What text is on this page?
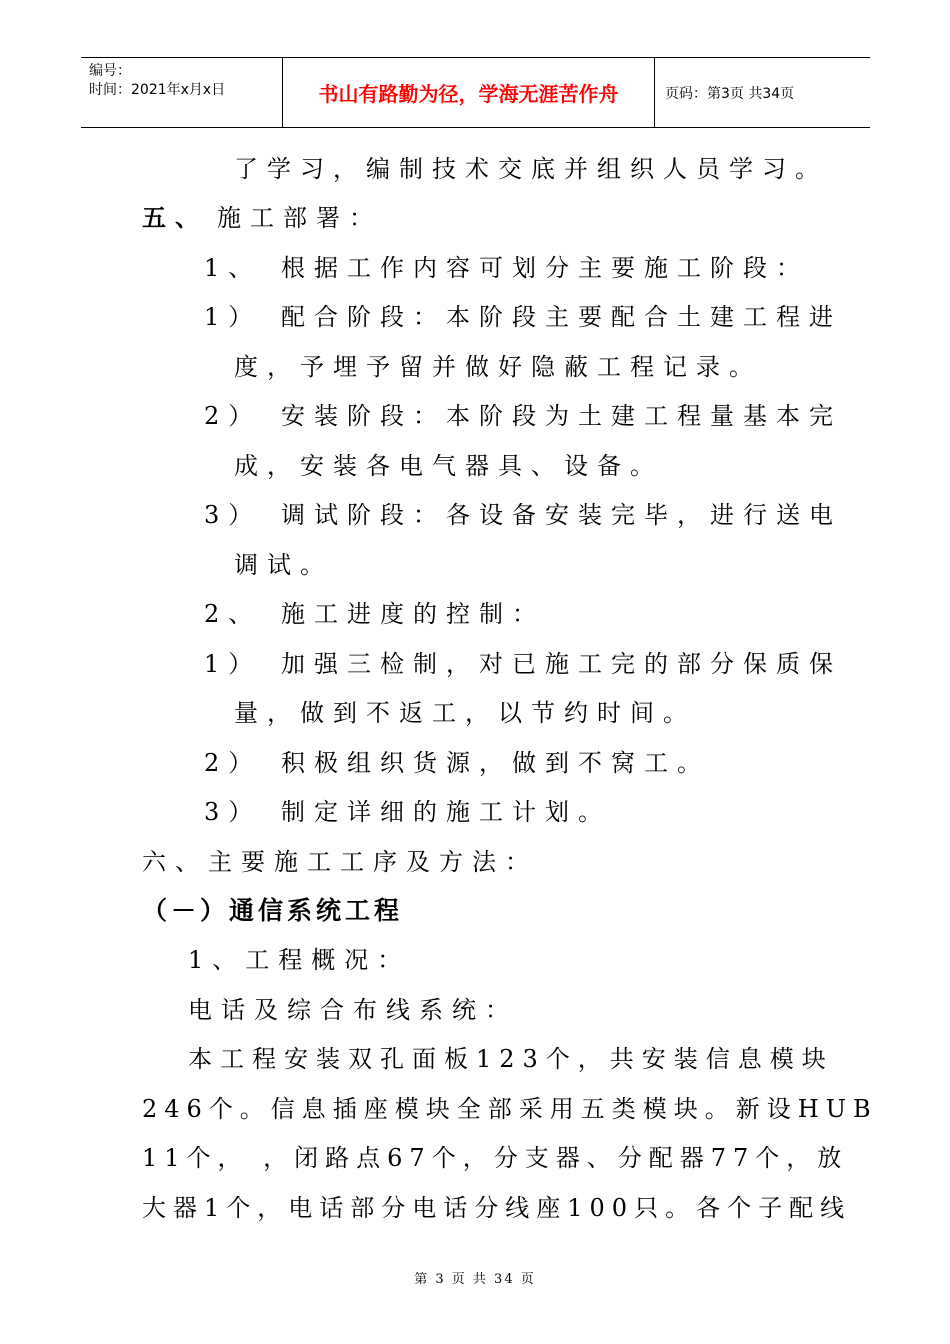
编号：
时间：2021年x月x日	书山有路勤为径，学海无涯苦作舟	页码：第3页 共34页
了学习，编制技术交底并组织人员学习。
五、 施工部署：
1、 根据工作内容可划分主要施工阶段：
1） 配合阶段：本阶段主要配合土建工程进
度，予埋予留并做好隐蔽工程记录。
2） 安装阶段：本阶段为土建工程量基本完
成，安装各电气器具、设备。
3） 调试阶段：各设备安装完毕，进行送电
调试。
2、 施工进度的控制：
1） 加强三检制，对已施工完的部分保质保
量，做到不返工，以节约时间。
2） 积极组织货源，做到不窝工。
3） 制定详细的施工计划。
六、主要施工工序及方法：
（－）通信系统工程
1、工程概况：
电话及综合布线系统：
本工程安装双孔面板123个，共安装信息模块
246个。信息插座模块全部采用五类模块。新设HUB
11个， ，闭路点67个，分支器、分配器77个，放
大器1个，电话部分电话分线座100只。各个子配线
第 3 页 共 34 页
